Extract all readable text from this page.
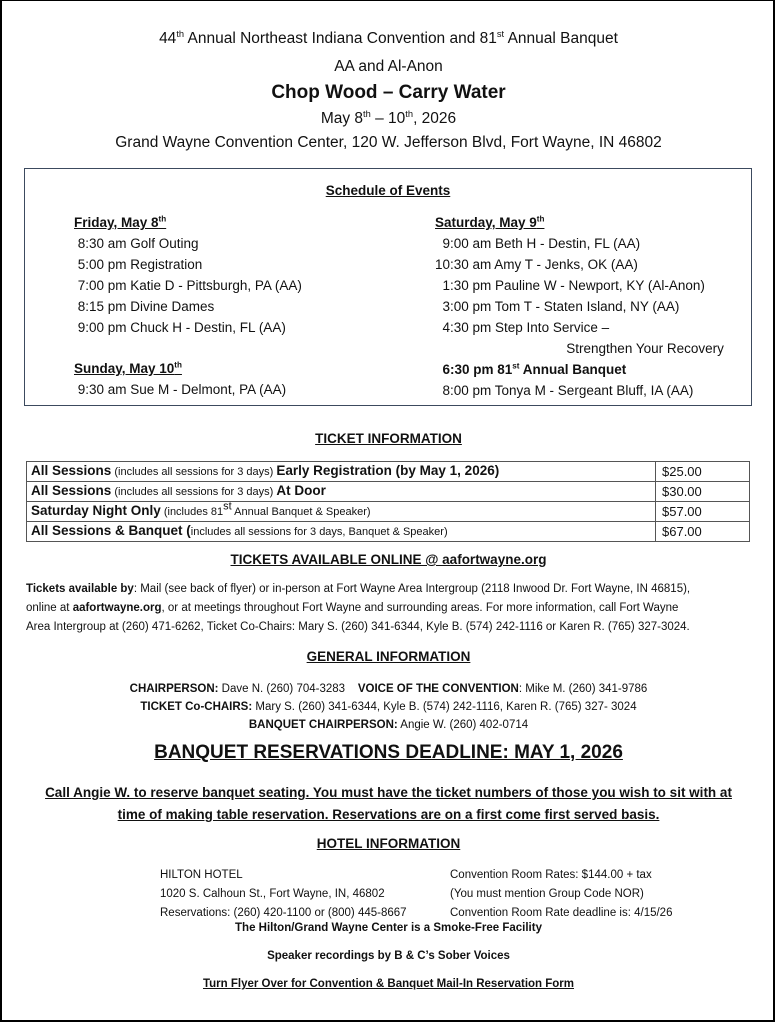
44th Annual Northeast Indiana Convention and 81st Annual Banquet
AA and Al-Anon
Chop Wood – Carry Water
May 8th – 10th, 2026
Grand Wayne Convention Center, 120 W. Jefferson Blvd, Fort Wayne, IN 46802
Schedule of Events
Friday, May 8th
8:30 am Golf Outing
5:00 pm Registration
7:00 pm Katie D - Pittsburgh, PA (AA)
8:15 pm Divine Dames
9:00 pm Chuck H - Destin, FL (AA)
Sunday, May 10th
9:30 am Sue M - Delmont, PA (AA)
Saturday, May 9th
9:00 am Beth H - Destin, FL (AA)
10:30 am Amy T - Jenks, OK (AA)
1:30 pm Pauline W - Newport, KY (Al-Anon)
3:00 pm Tom T - Staten Island, NY (AA)
4:30 pm Step Into Service –
Strengthen Your Recovery
6:30 pm 81st Annual Banquet
8:00 pm Tonya M - Sergeant Bluff, IA (AA)
TICKET INFORMATION
All Sessions (includes all sessions for 3 days) Early Registration (by May 1, 2026)	$25.00
All Sessions (includes all sessions for 3 days) At Door	$30.00
Saturday Night Only (includes 81st Annual Banquet & Speaker)	$57.00
All Sessions & Banquet (includes all sessions for 3 days, Banquet & Speaker)	$67.00
TICKETS AVAILABLE ONLINE @ aafortwayne.org
Tickets available by: Mail (see back of flyer) or in-person at Fort Wayne Area Intergroup (2118 Inwood Dr. Fort Wayne, IN 46815),
online at aafortwayne.org, or at meetings throughout Fort Wayne and surrounding areas. For more information, call Fort Wayne
Area Intergroup at (260) 471-6262, Ticket Co-Chairs: Mary S. (260) 341-6344, Kyle B. (574) 242-1116 or Karen R. (765) 327-3024.
GENERAL INFORMATION
CHAIRPERSON: Dave N. (260) 704-3283 VOICE OF THE CONVENTION: Mike M. (260) 341-9786
TICKET Co-CHAIRS: Mary S. (260) 341-6344, Kyle B. (574) 242-1116, Karen R. (765) 327- 3024
BANQUET CHAIRPERSON: Angie W. (260) 402-0714
BANQUET RESERVATIONS DEADLINE: MAY 1, 2026
Call Angie W. to reserve banquet seating. You must have the ticket numbers of those you wish to sit with at
time of making table reservation. Reservations are on a first come first served basis.
HOTEL INFORMATION
HILTON HOTEL
1020 S. Calhoun St., Fort Wayne, IN, 46802
Reservations: (260) 420-1100 or (800) 445-8667
Convention Room Rates: $144.00 + tax
(You must mention Group Code NOR)
Convention Room Rate deadline is: 4/15/26
The Hilton/Grand Wayne Center is a Smoke-Free Facility
Speaker recordings by B & C’s Sober Voices
Turn Flyer Over for Convention & Banquet Mail-In Reservation Form
